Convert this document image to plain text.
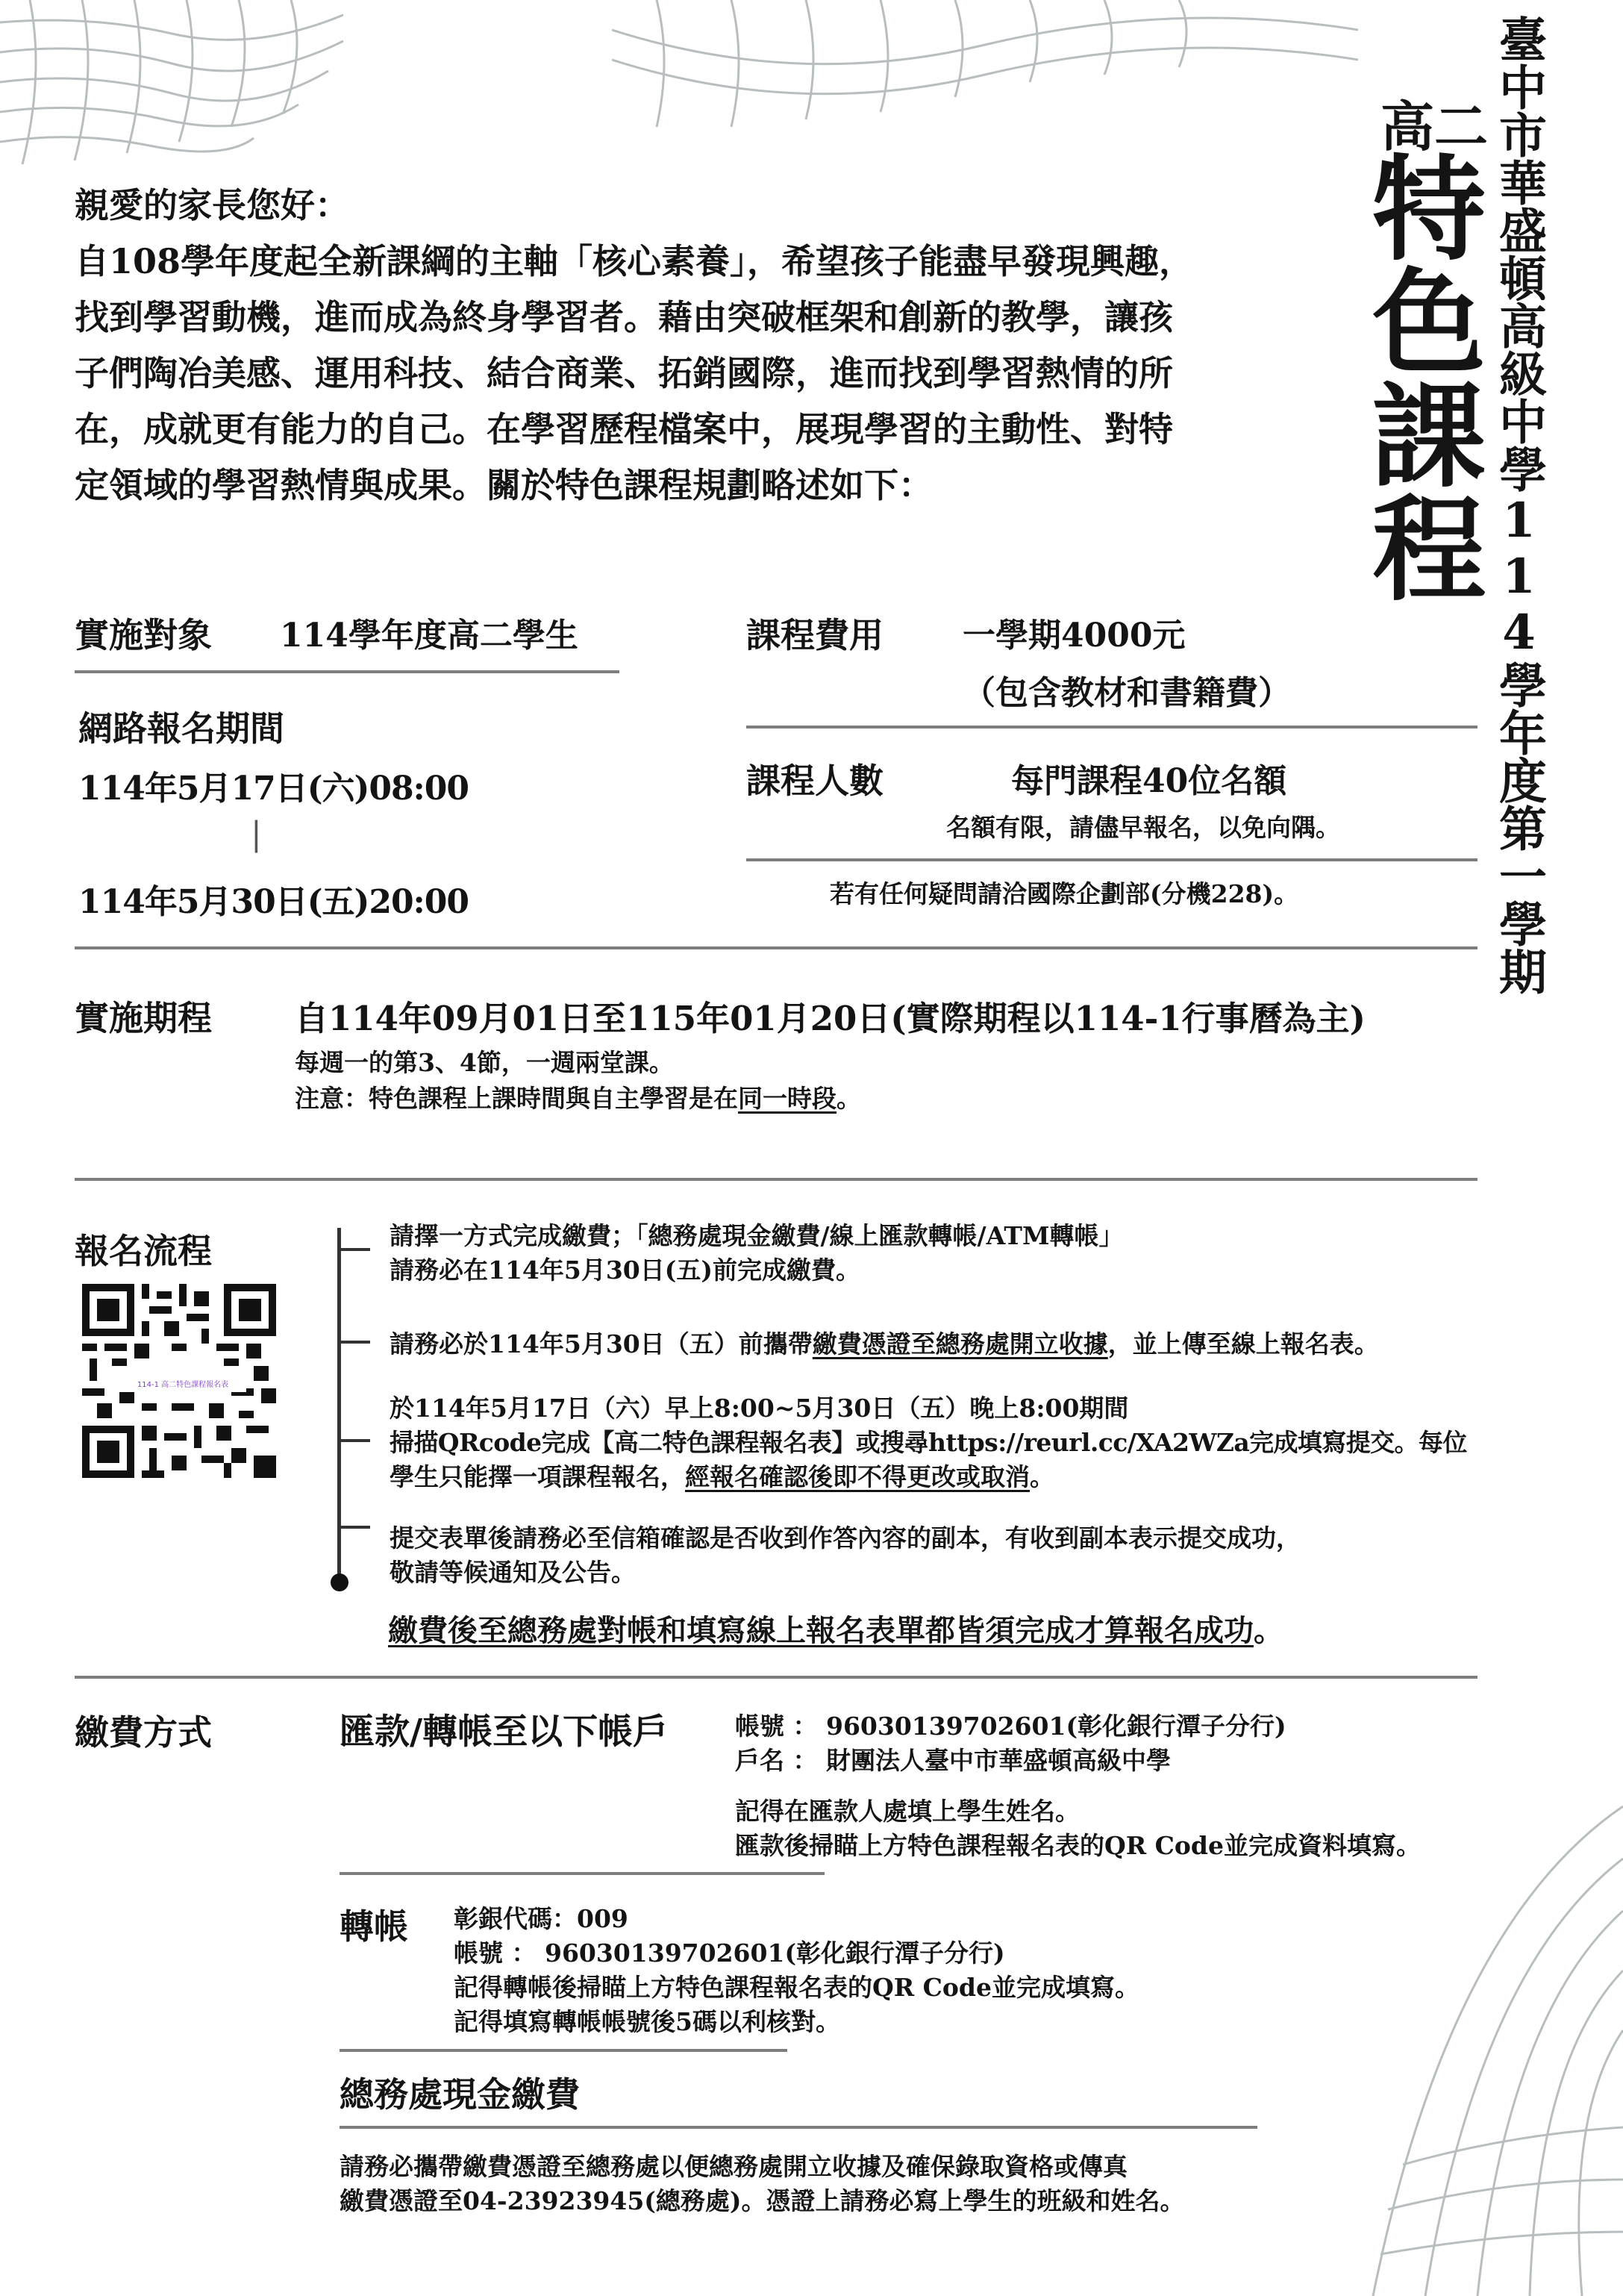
臺中市華盛頓高級中學114學年度第一學期
高二
特色課程

親愛的家長您好：

自108學年度起全新課綱的主軸「核心素養」，希望孩子能盡早發現興趣，

找到學習動機，進而成為終身學習者。藉由突破框架和創新的教學，讓孩

子們陶冶美感、運用科技、結合商業、拓銷國際，進而找到學習熱情的所

在，成就更有能力的自己。在學習歷程檔案中，展現學習的主動性、對特

定領域的學習熱情與成果。關於特色課程規劃略述如下：

實施對象 114學年度高二學生	課程費用 一學期4000元
（包含教材和書籍費）
網路報名期間
114年5月17日(六)08:00
|
114年5月30日(五)20:00
課程人數	每門課程40位名額
名額有限，請儘早報名，以免向隅。
若有任何疑問請洽國際企劃部(分機228)。
實施期程 自114年09月01日至115年01月20日(實際期程以114-1行事曆為主)
每週一的第3、4節，一週兩堂課。
注意：特色課程上課時間與自主學習是在同一時段。
報名流程
114-1 高二特色課程報名表
請擇一方式完成繳費；「總務處現金繳費/線上匯款轉帳/ATM轉帳」
請務必在114年5月30日(五)前完成繳費。
請務必於114年5月30日（五）前攜帶繳費憑證至總務處開立收據，並上傳至線上報名表。
於114年5月17日（六）早上8:00~5月30日（五）晚上8:00期間
掃描QRcode完成【高二特色課程報名表】或搜尋https://reurl.cc/XA2WZa完成填寫提交。每位
學生只能擇一項課程報名，經報名確認後即不得更改或取消。
提交表單後請務必至信箱確認是否收到作答內容的副本，有收到副本表示提交成功，
敬請等候通知及公告。
繳費後至總務處對帳和填寫線上報名表單都皆須完成才算報名成功。
繳費方式	匯款/轉帳至以下帳戶	帳號 ： 96030139702601(彰化銀行潭子分行)
戶名 ： 財團法人臺中市華盛頓高級中學
記得在匯款人處填上學生姓名。
匯款後掃瞄上方特色課程報名表的QR Code並完成資料填寫。
轉帳 彰銀代碼：009
帳號 ： 96030139702601(彰化銀行潭子分行)
記得轉帳後掃瞄上方特色課程報名表的QR Code並完成填寫。
記得填寫轉帳帳號後5碼以利核對。
總務處現金繳費
請務必攜帶繳費憑證至總務處以便總務處開立收據及確保錄取資格或傳真
繳費憑證至04-23923945(總務處)。憑證上請務必寫上學生的班級和姓名。
